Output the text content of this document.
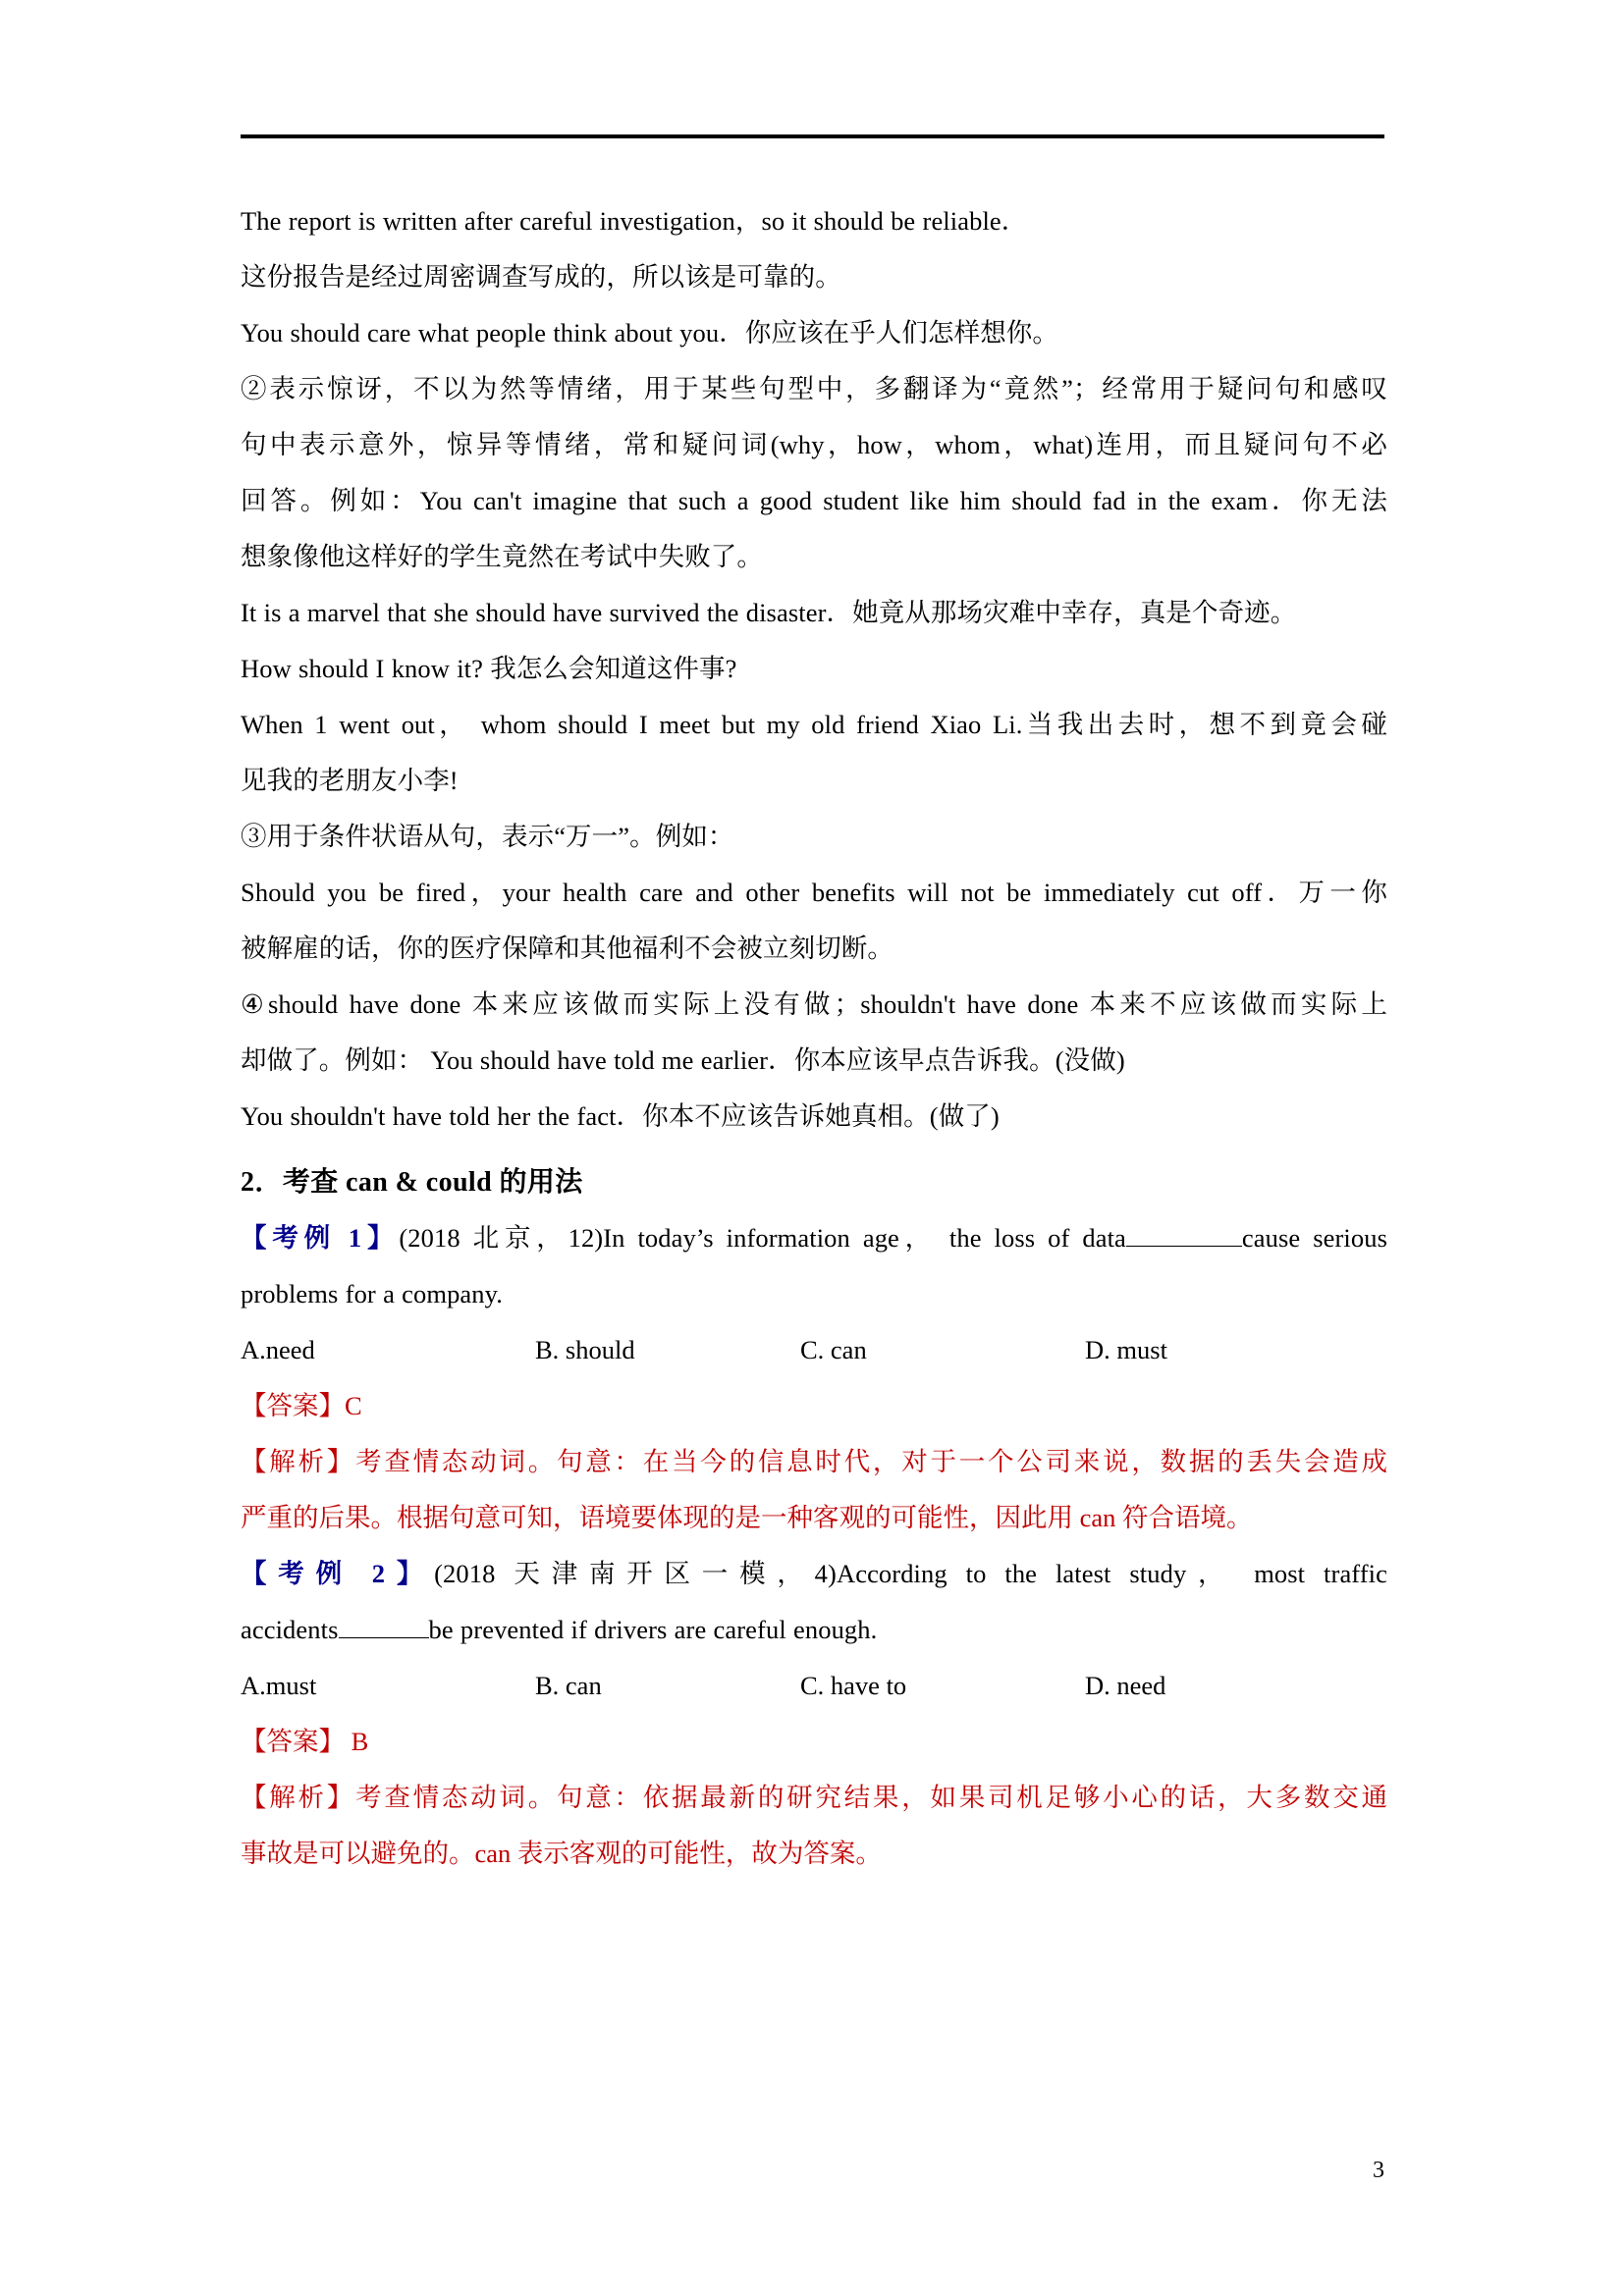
The report is written after careful investigation，so it should be reliable．

这份报告是经过周密调查写成的，所以该是可靠的。

You should care what people think about you．你应该在乎人们怎样想你。

②表示惊讶，不以为然等情绪，用于某些句型中，多翻译为“竟然”；经常用于疑问句和感叹

句中表示意外，惊异等情绪，常和疑问词(why，how，whom，what)连用，而且疑问句不必

回答。例如：You can't imagine that such a good student like him should fad in the exam．你无法

想象像他这样好的学生竟然在考试中失败了。

It is a marvel that she should have survived the disaster．她竟从那场灾难中幸存，真是个奇迹。

How should I know it? 我怎么会知道这件事?

When 1 went out， whom should I meet but my old friend Xiao Li.当我出去时，想不到竟会碰

见我的老朋友小李!

③用于条件状语从句，表示“万一”。例如：

Should you be fired，your health care and other benefits will not be immediately cut off．万一你

被解雇的话，你的医疗保障和其他福利不会被立刻切断。

④should have done 本来应该做而实际上没有做；shouldn't have done 本来不应该做而实际上

却做了。例如： You should have told me earlier．你本应该早点告诉我。(没做)

You shouldn't have told her the fact．你本不应该告诉她真相。(做了)

2．考查 can & could 的用法

【考例 1】(2018 北京，12)In today’s information age， the loss of data	cause serious

problems for a company.

A.need	B. should	C. can	D. must

【答案】C

【解析】考查情态动词。句意：在当今的信息时代，对于一个公司来说，数据的丢失会造成

严重的后果。根据句意可知，语境要体现的是一种客观的可能性，因此用 can 符合语境。

【考例 2】(2018 天津南开区一模，4)According to the latest study， most traffic

accidents	be prevented if drivers are careful enough.

A.must	B. can	C. have to	D. need

【答案】 B

【解析】考查情态动词。句意：依据最新的研究结果，如果司机足够小心的话，大多数交通

事故是可以避免的。can 表示客观的可能性，故为答案。

3
